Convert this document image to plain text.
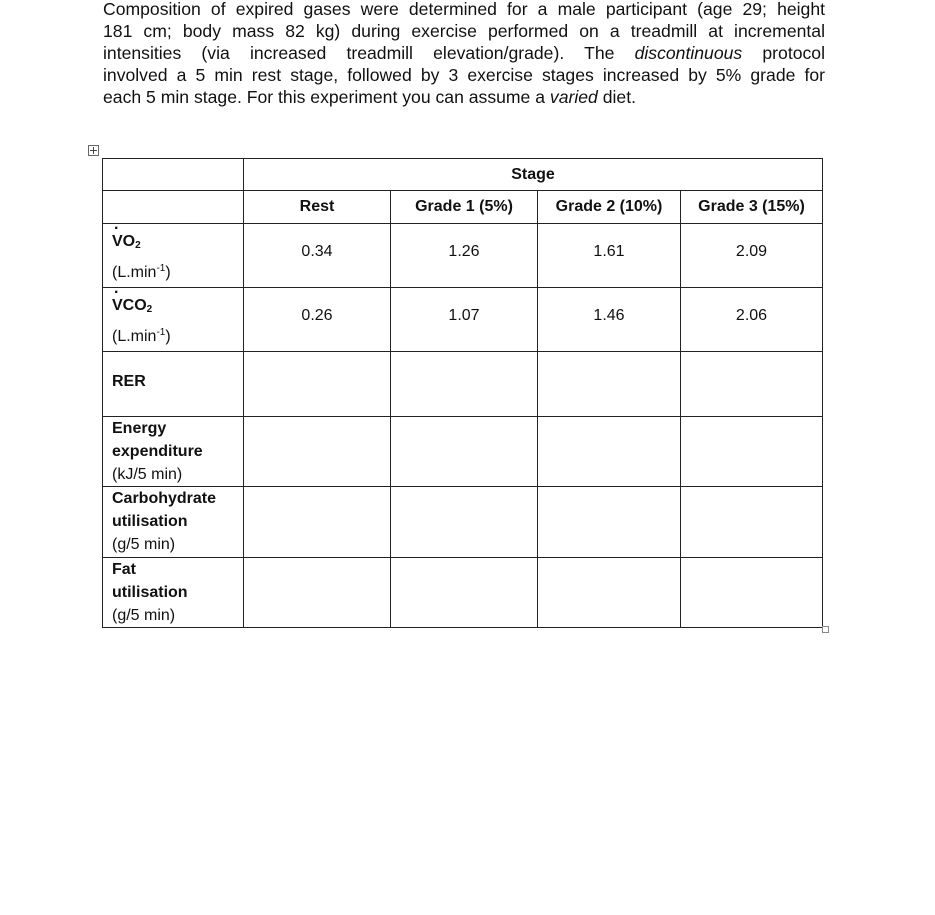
Composition of expired gases were determined for a male participant (age 29; height
181 cm; body mass 82 kg) during exercise performed on a treadmill at incremental
intensities (via increased treadmill elevation/grade). The discontinuous protocol
involved a 5 min rest stage, followed by 3 exercise stages increased by 5% grade for
each 5 min stage. For this experiment you can assume a varied diet.
	Stage			
	Rest	Grade 1 (5%)	Grade 2 (10%)	Grade 3 (15%)

· $VO_2$
$(L.\min^{-1})$	0.34	1.26	1.61	2.09

· $VCO_2$
$(L.\min^{-1})$	0.26	1.07	1.46	2.06

RER				

Energy
expenditure
(kJ/5 min)				

Carbohydrate
utilisation
(g/5 min)				

Fat
utilisation
(g/5 min)				
